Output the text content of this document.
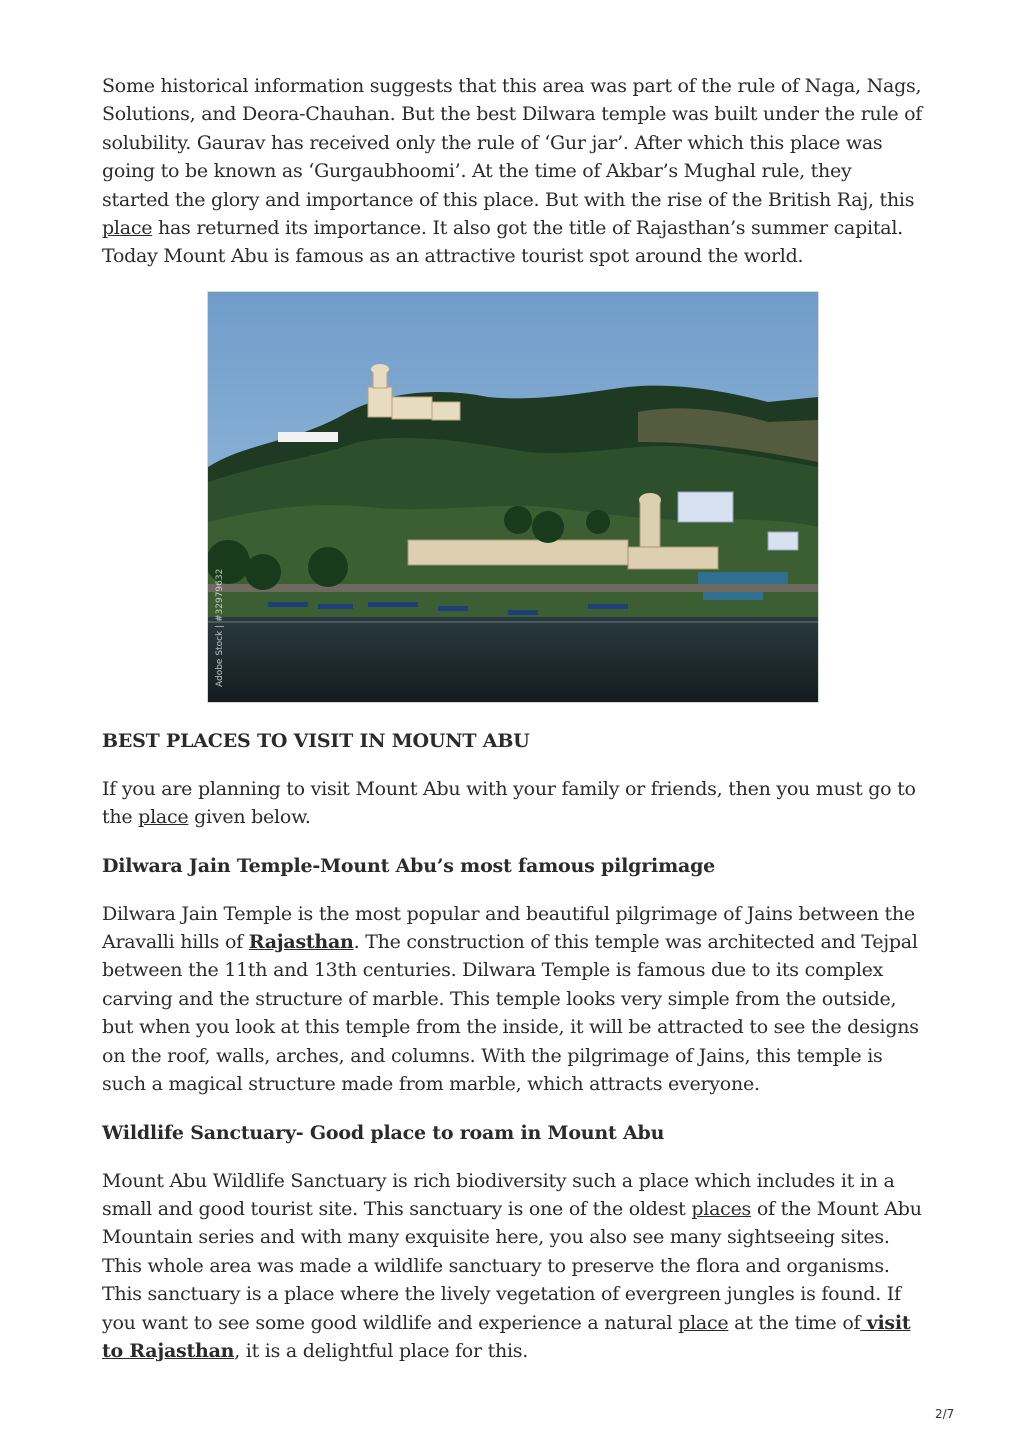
Some historical information suggests that this area was part of the rule of Naga, Nags, Solutions, and Deora-Chauhan. But the best Dilwara temple was built under the rule of solubility. Gaurav has received only the rule of ‘Gur jar’. After which this place was going to be known as ‘Gurgaubhoomi’. At the time of Akbar’s Mughal rule, they started the glory and importance of this place. But with the rise of the British Raj, this place has returned its importance. It also got the title of Rajasthan’s summer capital. Today Mount Abu is famous as an attractive tourist spot around the world.

Adobe Stock | #32979632
BEST PLACES TO VISIT IN MOUNT ABU

If you are planning to visit Mount Abu with your family or friends, then you must go to the place given below.

Dilwara Jain Temple-Mount Abu’s most famous pilgrimage

Dilwara Jain Temple is the most popular and beautiful pilgrimage of Jains between the Aravalli hills of Rajasthan. The construction of this temple was architected and Tejpal between the 11th and 13th centuries. Dilwara Temple is famous due to its complex carving and the structure of marble. This temple looks very simple from the outside, but when you look at this temple from the inside, it will be attracted to see the designs on the roof, walls, arches, and columns. With the pilgrimage of Jains, this temple is such a magical structure made from marble, which attracts everyone.

Wildlife Sanctuary- Good place to roam in Mount Abu

Mount Abu Wildlife Sanctuary is rich biodiversity such a place which includes it in a small and good tourist site. This sanctuary is one of the oldest places of the Mount Abu Mountain series and with many exquisite here, you also see many sightseeing sites. This whole area was made a wildlife sanctuary to preserve the flora and organisms. This sanctuary is a place where the lively vegetation of evergreen jungles is found. If you want to see some good wildlife and experience a natural place at the time of visit to Rajasthan, it is a delightful place for this.

2/7
